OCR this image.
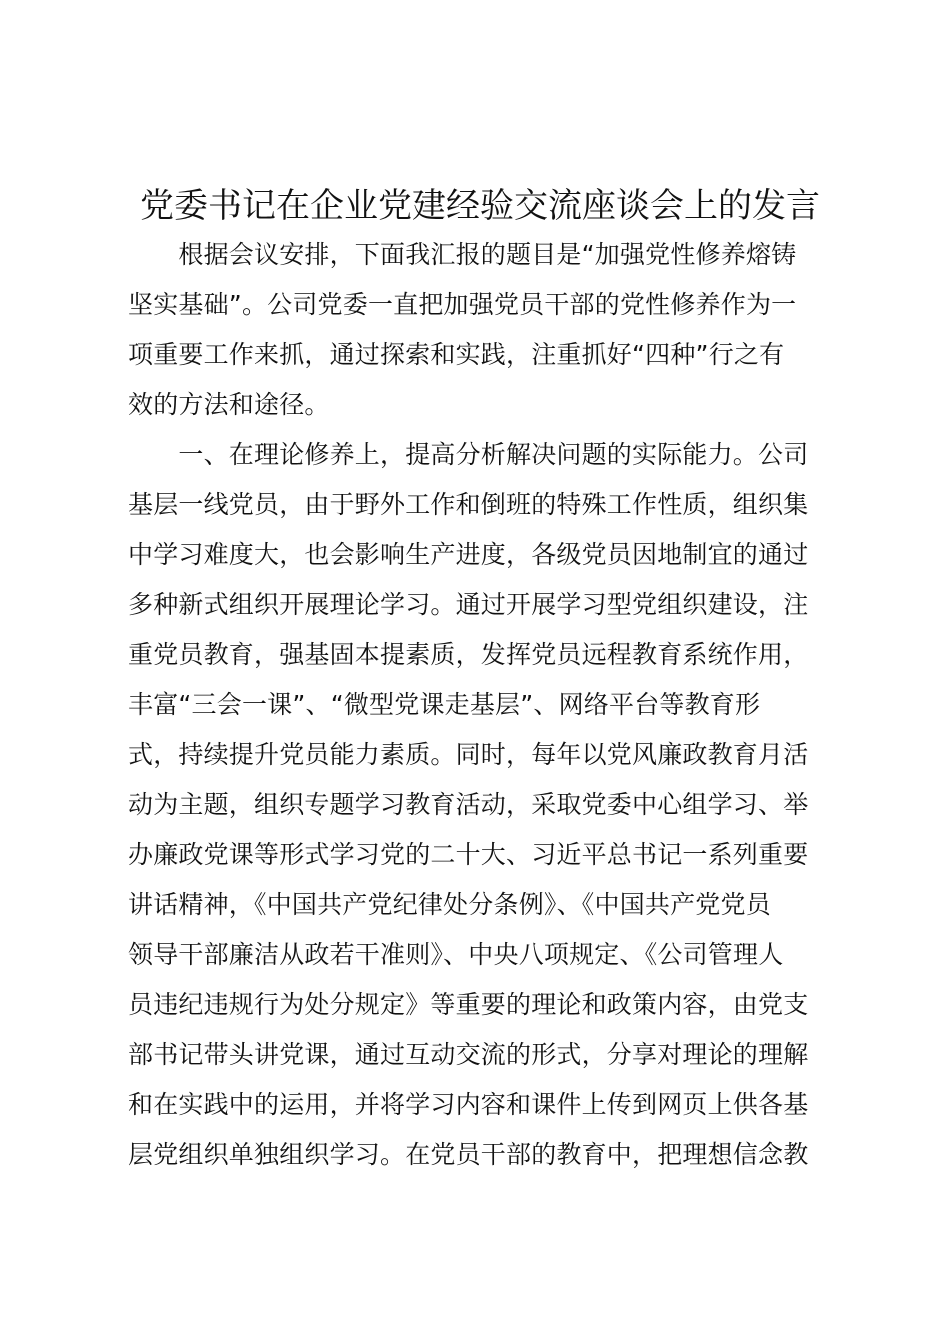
党委书记在企业党建经验交流座谈会上的发言

　　根据会议安排，下面我汇报的题目是“加强党性修养熔铸
坚实基础”。公司党委一直把加强党员干部的党性修养作为一
项重要工作来抓，通过探索和实践，注重抓好“四种”行之有
效的方法和途径。

　　一、在理论修养上，提高分析解决问题的实际能力。公司
基层一线党员，由于野外工作和倒班的特殊工作性质，组织集
中学习难度大，也会影响生产进度，各级党员因地制宜的通过
多种新式组织开展理论学习。通过开展学习型党组织建设，注
重党员教育，强基固本提素质，发挥党员远程教育系统作用，
丰富“三会一课”、“微型党课走基层”、网络平台等教育形
式，持续提升党员能力素质。同时，每年以党风廉政教育月活
动为主题，组织专题学习教育活动，采取党委中心组学习、举
办廉政党课等形式学习党的二十大、习近平总书记一系列重要
讲话精神，《中国共产党纪律处分条例》、《中国共产党党员
领导干部廉洁从政若干准则》、中央八项规定、《公司管理人
员违纪违规行为处分规定》等重要的理论和政策内容，由党支
部书记带头讲党课，通过互动交流的形式，分享对理论的理解
和在实践中的运用，并将学习内容和课件上传到网页上供各基
层党组织单独组织学习。在党员干部的教育中，把理想信念教
